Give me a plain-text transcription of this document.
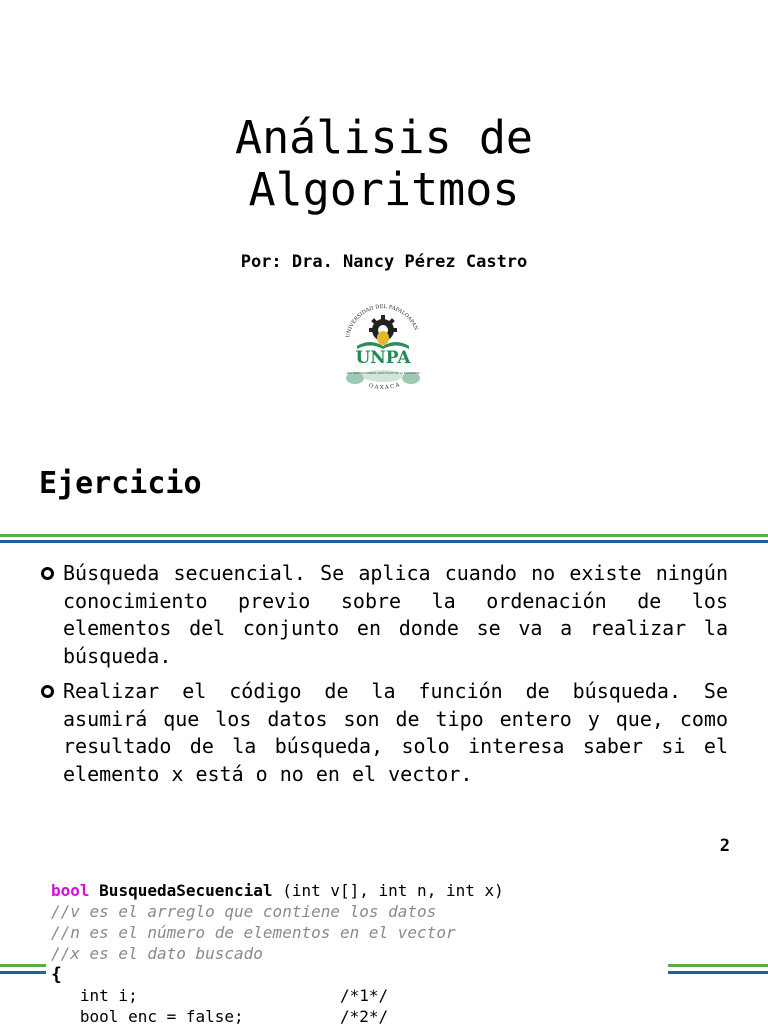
Análisis de
Algoritmos
Por: Dra. Nancy Pérez Castro
UNIVERSIDAD DEL PAPALOAPAN
UNPA
UNA SOCIEDAD MEJOR COMO FRUTO DE LA EDUCACION
OAXACA
Ejercicio
Búsqueda secuencial. Se aplica cuando no existe ningún conocimiento previo sobre la ordenación de los elementos del conjunto en donde se va a realizar la búsqueda.
Realizar el código de la función de búsqueda. Se asumirá que los datos son de tipo entero y que, como resultado de la búsqueda, solo interesa saber si el elemento x está o no en el vector.
2
bool BusquedaSecuencial (int v[], int n, int x)
//v es el arreglo que contiene los datos
//n es el número de elementos en el vector
//x es el dato buscado
{
int i;                     /*1*/
bool enc = false;          /*2*/
